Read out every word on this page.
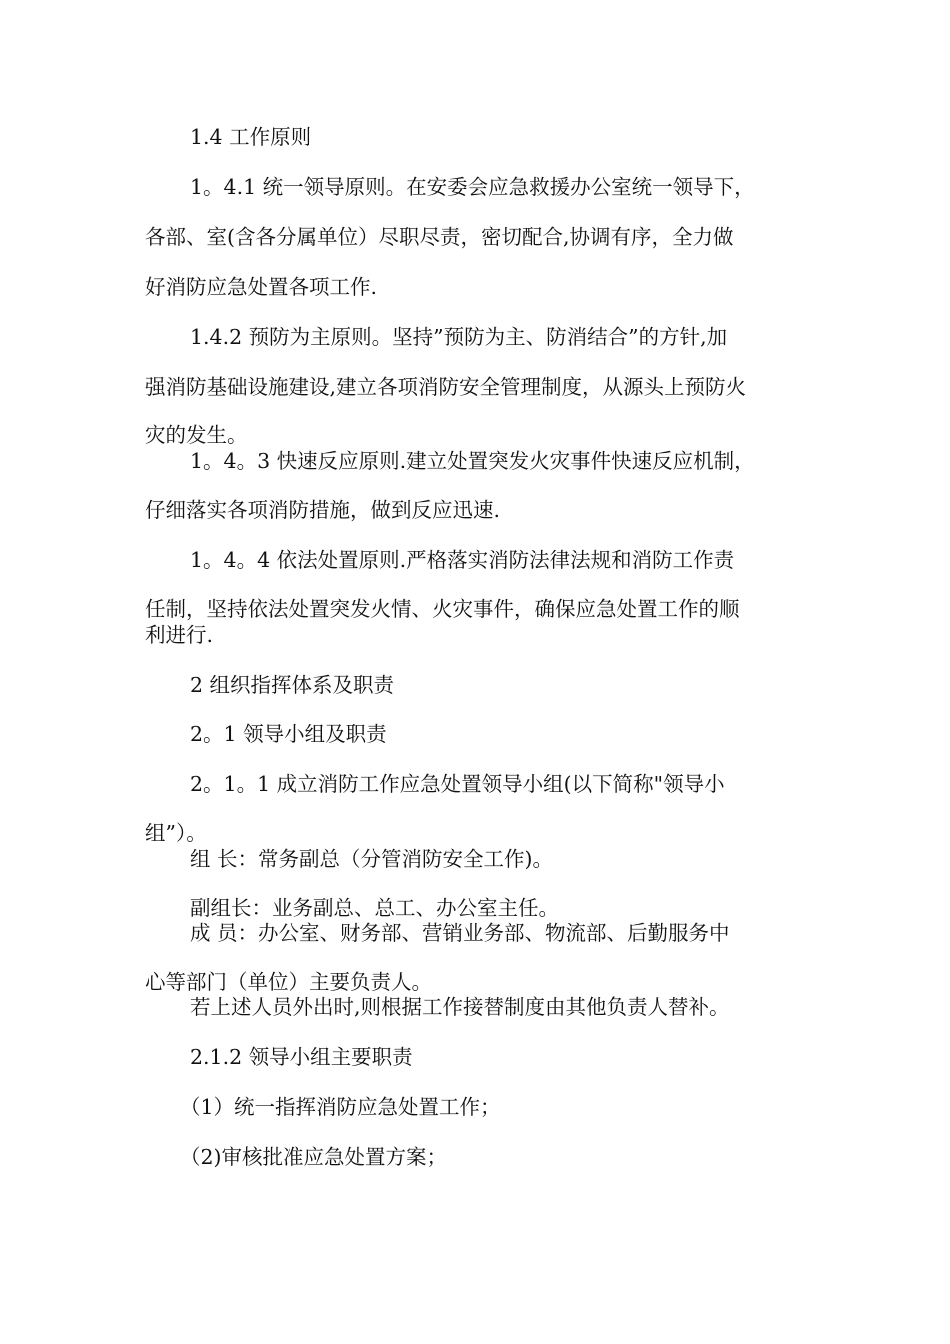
1.4 工作原则

1。4.1 统一领导原则。在安委会应急救援办公室统一领导下，

各部、室(含各分属单位）尽职尽责，密切配合,协调有序，全力做

好消防应急处置各项工作.

1.4.2 预防为主原则。坚持”预防为主、防消结合”的方针,加

强消防基础设施建设,建立各项消防安全管理制度，从源头上预防火

灾的发生。

1。4。3 快速反应原则.建立处置突发火灾事件快速反应机制，

仔细落实各项消防措施，做到反应迅速.

1。4。4 依法处置原则.严格落实消防法律法规和消防工作责

任制，坚持依法处置突发火情、火灾事件，确保应急处置工作的顺

利进行.

2 组织指挥体系及职责

2。1 领导小组及职责

2。1。1 成立消防工作应急处置领导小组(以下简称"领导小

组”）。

组 长：常务副总（分管消防安全工作)。

副组长：业务副总、总工、办公室主任。

成 员：办公室、财务部、营销业务部、物流部、后勤服务中

心等部门（单位）主要负责人。

若上述人员外出时,则根据工作接替制度由其他负责人替补。

2.1.2 领导小组主要职责

（1）统一指挥消防应急处置工作；

（2)审核批准应急处置方案；
